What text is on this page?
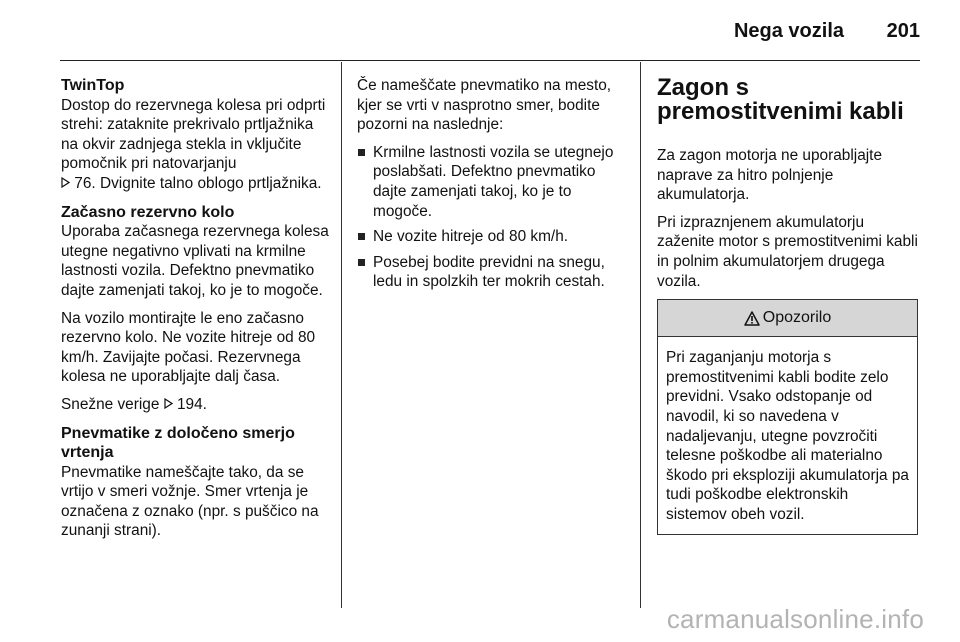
Nega vozila 201
TwinTop

Dostop do rezervnega kolesa pri odprti strehi: zataknite prekrivalo prtljažnika na okvir zadnjega stekla in vključite pomočnik pri natovarjanju
76. Dvignite talno oblogo prtljažnika.

Začasno rezervno kolo

Uporaba začasnega rezervnega kolesa utegne negativno vplivati na krmilne lastnosti vozila. Defektno pnevmatiko dajte zamenjati takoj, ko je to mogoče.

Na vozilo montirajte le eno začasno rezervno kolo. Ne vozite hitreje od 80 km/h. Zavijajte počasi. Rezervnega kolesa ne uporabljajte dalj časa.

Snežne verige 194.

Pnevmatike z določeno smerjo vrtenja

Pnevmatike nameščajte tako, da se vrtijo v smeri vožnje. Smer vrtenja je označena z oznako (npr. s puščico na zunanji strani).

Če nameščate pnevmatiko na mesto, kjer se vrti v nasprotno smer, bodite pozorni na naslednje:

Krmilne lastnosti vozila se utegnejo poslabšati. Defektno pnevmatiko dajte zamenjati takoj, ko je to mogoče.
Ne vozite hitreje od 80 km/h.
Posebej bodite previdni na snegu, ledu in spolzkih ter mokrih cestah.
Zagon s premostitvenimi kabli

Za zagon motorja ne uporabljajte naprave za hitro polnjenje akumulatorja.

Pri izpraznjenem akumulatorju zaženite motor s premostitvenimi kabli in polnim akumulatorjem drugega vozila.

Opozorilo
Pri zaganjanju motorja s premostitvenimi kabli bodite zelo previdni. Vsako odstopanje od navodil, ki so navedena v nadaljevanju, utegne povzročiti telesne poškodbe ali materialno škodo pri eksploziji akumulatorja pa tudi poškodbe elektronskih sistemov obeh vozil.
carmanualsonline.info
